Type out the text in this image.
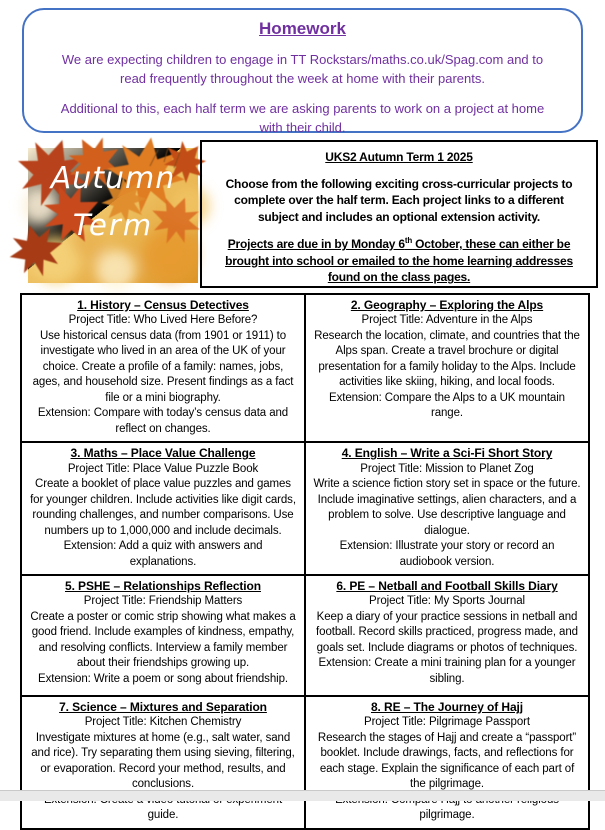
Homework
We are expecting children to engage in TT Rockstars/maths.co.uk/Spag.com and to read frequently throughout the week at home with their parents.
Additional to this, each half term we are asking parents to work on a project at home with their child.
Autumn
Term
UKS2 Autumn Term 1 2025
Choose from the following exciting cross-curricular projects to complete over the half term. Each project links to a different subject and includes an optional extension activity.
Projects are due in by Monday 6th October, these can either be brought into school or emailed to the home learning addresses found on the class pages.
1. History – Census Detectives
Project Title: Who Lived Here Before?
Use historical census data (from 1901 or 1911) to investigate who lived in an area of the UK of your choice. Create a profile of a family: names, jobs, ages, and household size. Present findings as a fact file or a mini biography.
Extension: Compare with today’s census data and reflect on changes.

2. Geography – Exploring the Alps
Project Title: Adventure in the Alps
Research the location, climate, and countries that the Alps span. Create a travel brochure or digital presentation for a family holiday to the Alps. Include activities like skiing, hiking, and local foods.
Extension: Compare the Alps to a UK mountain range.

3. Maths – Place Value Challenge
Project Title: Place Value Puzzle Book
Create a booklet of place value puzzles and games for younger children. Include activities like digit cards, rounding challenges, and number comparisons. Use numbers up to 1,000,000 and include decimals.
Extension: Add a quiz with answers and explanations.

4. English – Write a Sci-Fi Short Story
Project Title: Mission to Planet Zog
Write a science fiction story set in space or the future. Include imaginative settings, alien characters, and a problem to solve. Use descriptive language and dialogue.
Extension: Illustrate your story or record an audiobook version.

5. PSHE – Relationships Reflection
Project Title: Friendship Matters
Create a poster or comic strip showing what makes a good friend. Include examples of kindness, empathy, and resolving conflicts. Interview a family member about their friendships growing up.
Extension: Write a poem or song about friendship.

6. PE – Netball and Football Skills Diary
Project Title: My Sports Journal
Keep a diary of your practice sessions in netball and football. Record skills practiced, progress made, and goals set. Include diagrams or photos of techniques.
Extension: Create a mini training plan for a younger sibling.

7. Science – Mixtures and Separation
Project Title: Kitchen Chemistry
Investigate mixtures at home (e.g., salt water, sand and rice). Try separating them using sieving, filtering, or evaporation. Record your method, results, and conclusions.
guide.

8. RE – The Journey of Hajj
Project Title: Pilgrimage Passport
Research the stages of Hajj and create a “passport” booklet. Include drawings, facts, and reflections for each stage. Explain the significance of each part of the pilgrimage.
pilgrimage.
